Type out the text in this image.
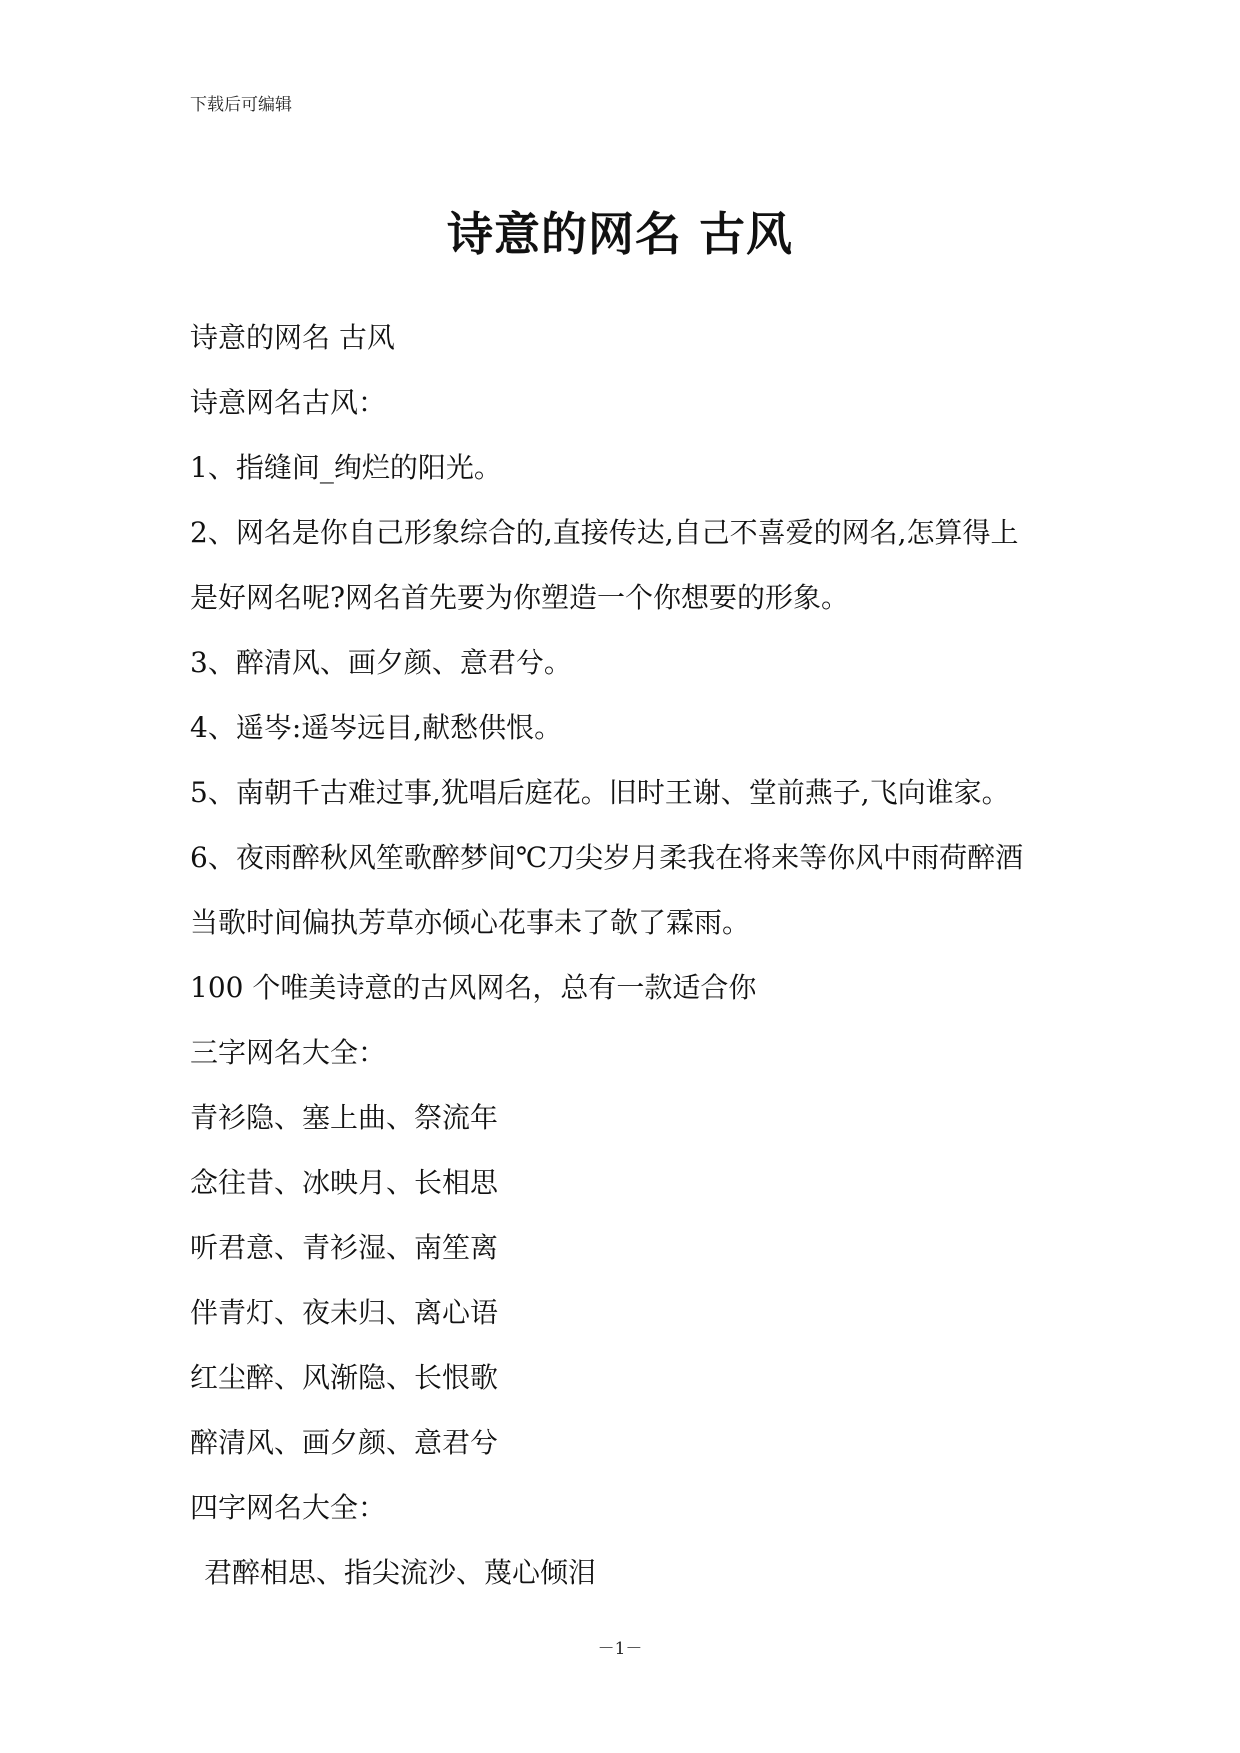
下载后可编辑
诗意的网名 古风
诗意的网名 古风
诗意网名古风：
1、指缝间_绚烂的阳光。
2、网名是你自己形象综合的,直接传达,自己不喜爱的网名,怎算得上
是好网名呢?网名首先要为你塑造一个你想要的形象。
3、醉清风、画夕颜、意君兮。
4、遥岑:遥岑远目,献愁供恨。
5、南朝千古难过事,犹唱后庭花。旧时王谢、堂前燕子,飞向谁家。
6、夜雨醉秋风笙歌醉梦间℃刀尖岁月柔我在将来等你风中雨荷醉酒
当歌时间偏执芳草亦倾心花事未了欹了霖雨。
100 个唯美诗意的古风网名，总有一款适合你
三字网名大全：
青衫隐、塞上曲、祭流年
念往昔、冰映月、长相思
听君意、青衫湿、南笙离
伴青灯、夜未归、离心语
红尘醉、风渐隐、长恨歌
醉清风、画夕颜、意君兮
四字网名大全：
君醉相思、指尖流沙、蔑心倾泪
－1－
